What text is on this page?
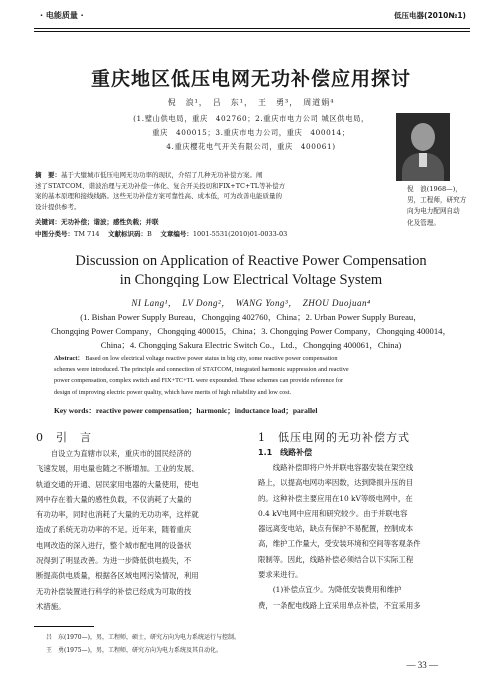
· 电能质量 ·	低压电器(2010№1)
重庆地区低压电网无功补偿应用探讨
倪　浪¹，　吕　东¹，　王　勇³，　周道娟⁴
(1.璧山供电局，重庆　402760；2.重庆市电力公司 城区供电局，
重庆　400015；3.重庆市电力公司，重庆　400014；
4.重庆樱花电气开关有限公司，重庆　400061)
倪　浪(1968—)，
男，工程师，研究方
向为电力配网自动
化及管理。
摘　要：基于大璧城市低压电网无功功率的现状，介绍了几种无功补偿方案。阐
述了STATCOM、谐波治理与无功补偿一体化、复合开关投切和FIX+TC+TL等补偿方
案的基本原理和接线线路。这些无功补偿方案可靠性高、成本低，可为改善电能质量的
设计提供参考。
关键词：无功补偿；谐波；感性负载；并联
中图分类号：TM 714　 文献标识码：B　 文章编号：1001-5531(2010)01-0033-03
Discussion on Application of Reactive Power Compensation
in Chongqing Low Electrical Voltage System
NI Lang¹，　LV Dong²，　WANG Yong³，　ZHOU Duojuan⁴
(1. Bishan Power Supply Bureau，Chongqing 402760，China；2. Urban Power Supply Bureau，
Chongqing Power Company，Chongqing 400015，China；3. Chongqing Power Company，Chongqing 400014，
China；4. Chongqing Sakura Electric Switch Co.，Ltd.，Chongqing 400061，China)
Abstract： Based on low electrical voltage reactive power status in big city, some reactive power compensation
schemes were introduced. The principle and connection of STATCOM, integrated harmonic suppression and reactive
power compensation, complex switch and FIX+TC+TL were expounded. These schemes can provide reference for
design of improving electric power quality, which have merits of high reliability and low cost.
Key words：reactive power compensation；harmonic；inductance load；parallel
0　引　言
　　自设立为直辖市以来，重庆市的国民经济的
飞速发展，用电量也随之不断增加。工业的发展、
轨道交通的开通、居民家用电器的大量使用，使电
网中存在着大量的感性负载，不仅消耗了大量的
有功功率，同时也消耗了大量的无功功率，这样就
造成了系统无功功率的不足。近年来，随着重庆
电网改造的深入进行，整个城市配电网的设备状
况得到了明显改善。为进一步降低供电损失，不
断提高供电质量，根据各区域电网污染情况，利用
无功补偿装置进行科学的补偿已经成为可取的技
术措施。
1　低压电网的无功补偿方式
1.1　线路补偿
　　线路补偿即将户外并联电容器安装在架空线
路上，以提高电网功率因数，达到降损升压的目
的。这种补偿主要应用在10 kV等级电网中，在
0.4 kV电网中应用和研究较少。由于并联电容
器远离变电站，缺点有保护不易配置，控制成本
高，维护工作量大，受安装环境和空间等客观条件
限制等。因此，线路补偿必须结合以下实际工程
要求来进行。
　　(1)补偿点宜少。为降低安装费用和维护
费，一条配电线路上宜采用单点补偿，不宜采用多
吕　东(1970—)，男，工程师，硕士，研究方向为电力系统运行与控制。
王　勇(1975—)，男，工程师，研究方向为电力系统及其自动化。
— 33 —
